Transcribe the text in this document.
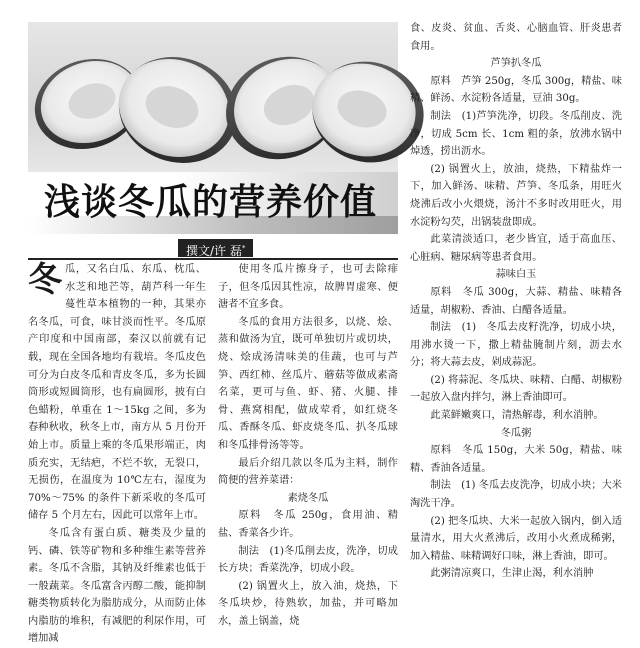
浅谈冬瓜的营养价值
撰文/许 磊*

冬瓜，又名白瓜、东瓜、枕瓜、水芝和地芒等，葫芦科一年生蔓性草本植物的一种，其果亦名冬瓜，可食，味甘淡而性平。冬瓜原产印度和中国南部，秦汉以前就有记载，现在全国各地均有栽培。冬瓜皮色可分为白皮冬瓜和青皮冬瓜，多为长圆筒形或短圆筒形，也有扁圆形，披有白色蜡粉，单重在 1～15kg 之间，多为春种秋收，秋冬上市，南方从 5 月份开始上市。质量上乘的冬瓜果形端正，肉质充实，无结疤，不烂不软，无裂口，无损伤，在温度为 10℃左右，湿度为 70%～75% 的条件下新采收的冬瓜可储存 5 个月左右，因此可以常年上市。

冬瓜含有蛋白质、糖类及少量的钙、磷、铁等矿物和多种维生素等营养素。冬瓜不含脂，其钠及纤维素也低于一般蔬菜。冬瓜富含丙醇二酸，能抑制糖类物质转化为脂肪成分，从而防止体内脂肪的堆积，有减肥的利尿作用，可增加减

使用冬瓜片擦身子，也可去除痱子，但冬瓜因其性凉，故脾胃虚寒、便溏者不宜多食。

冬瓜的食用方法很多，以烧、烩、蒸和做汤为宜，既可单独切片或切块，烧、烩成汤清味美的佳蔬，也可与芦笋、西红柿、丝瓜片、蘑菇等做成素斋名菜，更可与鱼、虾、猪、火腿、排骨、燕窝相配，做成荤肴，如红烧冬瓜、香酥冬瓜、虾皮烧冬瓜、扒冬瓜球和冬瓜排骨汤等等。

最后介绍几款以冬瓜为主料，制作简便的营养菜谱：

素烧冬瓜

原料　冬瓜 250g，食用油、精盐、香菜各少许。

制法　(1)冬瓜削去皮，洗净，切成长方块；香菜洗净，切成小段。

(2) 锅置火上，放入油，烧热，下冬瓜块炒，待熟软，加盐，并可略加水，盖上锅盖，烧

食、皮炎、贫血、舌炎、心脑血管、肝炎患者食用。

芦笋扒冬瓜

原料　芦笋 250g，冬瓜 300g，精盐、味精、鲜汤、水淀粉各适量，豆油 30g。

制法　(1)芦笋洗净，切段。冬瓜削皮、洗净，切成 5cm 长、1cm 粗的条，放沸水锅中焯透，捞出沥水。

(2) 锅置火上，放油，烧热，下精盐炸一下，加入鲜汤、味精、芦笋、冬瓜条，用旺火烧沸后改小火煨烧，汤汁不多时改用旺火，用水淀粉勾芡，出锅装盘即成。

此菜清淡适口，老少皆宜，适于高血压、心脏病、糖尿病等患者食用。

蒜味白玉

原料　冬瓜 300g，大蒜、精盐、味精各适量，胡椒粉、香油、白醋各适量。

制法　(1)　冬瓜去皮籽洗净，切成小块，用沸水烫一下，撒上精盐腌制片刻，沥去水分；将大蒜去皮，剁成蒜泥。

(2) 将蒜泥、冬瓜块、味精、白醋、胡椒粉一起放入盘内拌匀，淋上香油即可。

此菜鲜嫩爽口，清热解毒，利水消肿。

冬瓜粥

原料　冬瓜 150g，大米 50g，精盐、味精、香油各适量。

制法　(1) 冬瓜去皮洗净，切成小块；大米淘洗干净。

(2) 把冬瓜块、大米一起放入锅内，倒入适量清水，用大火煮沸后，改用小火煮成稀粥，加入精盐、味精调好口味，淋上香油，即可。

此粥清凉爽口，生津止渴，利水消肿
